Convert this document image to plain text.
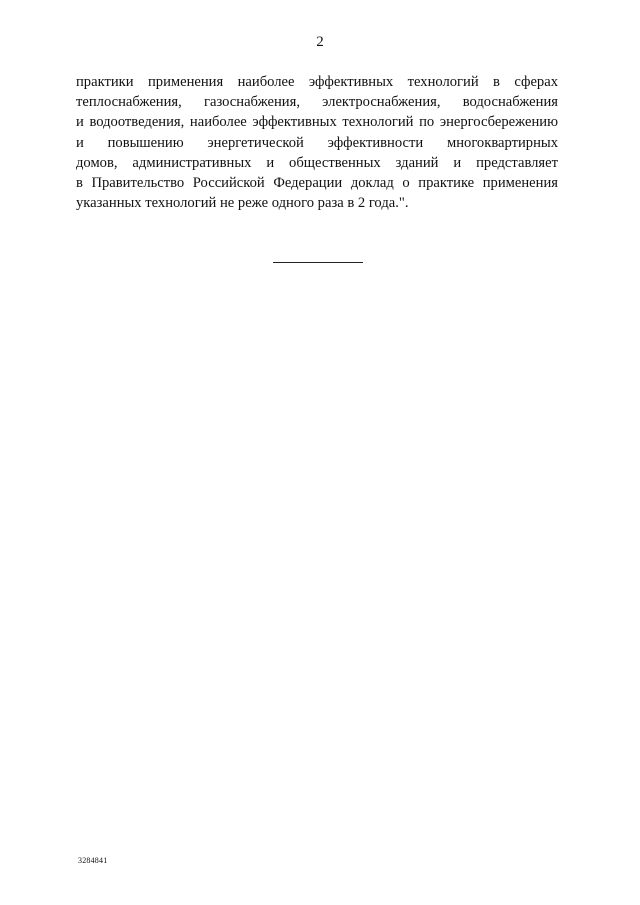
2
практики применения наиболее эффективных технологий в сферах
теплоснабжения, газоснабжения, электроснабжения, водоснабжения
и водоотведения, наиболее эффективных технологий по энергосбережению
и повышению энергетической эффективности многоквартирных
домов, административных и общественных зданий и представляет
в Правительство Российской Федерации доклад о практике применения
указанных технологий не реже одного раза в 2 года.".
3284841
